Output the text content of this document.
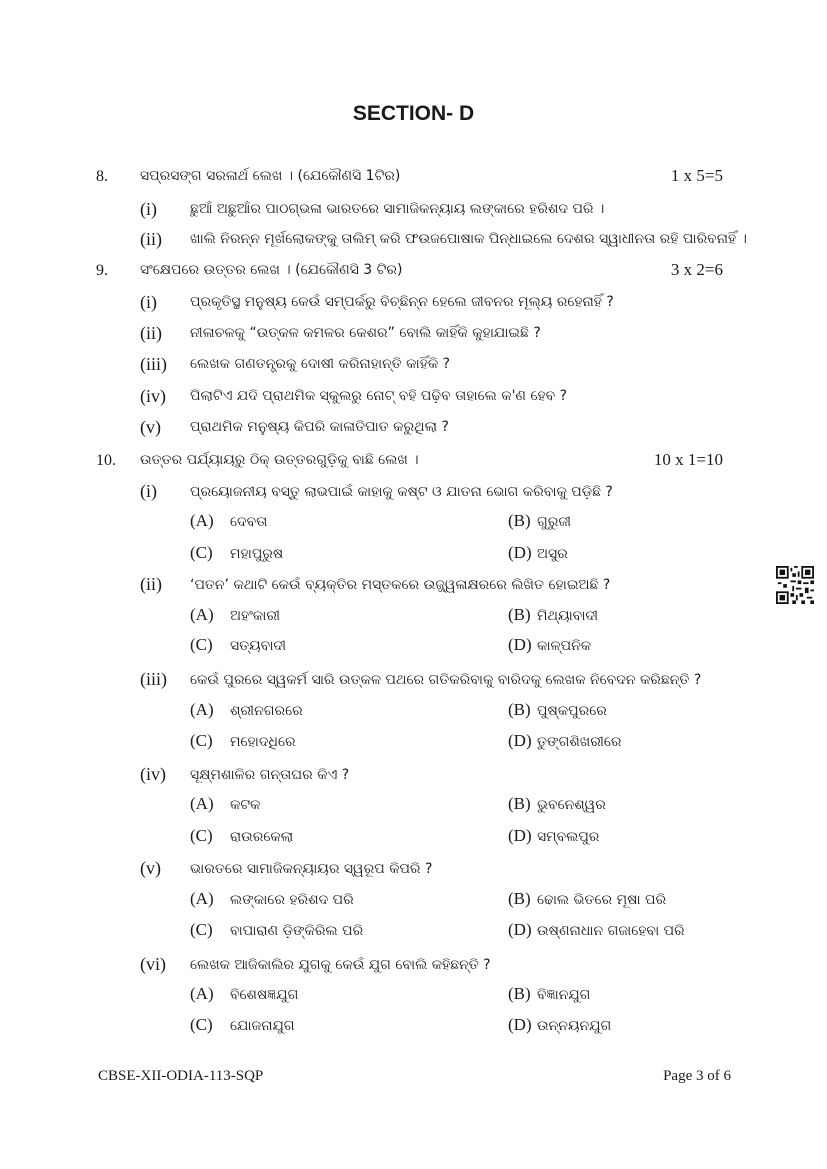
SECTION- D
8. ସପ୍ରସଙ୍ଗ ସରଳାର୍ଥ ଲେଖ । (ଯେକୌଣସି 1ଟିର)	1 x 5=5
(i) ଛୁଆଁ ଅଛୁଆଁର ପାଠଗ୍ଭଳା ଭାରତରେ ସାମାଜିକନ୍ୟାୟ ଲଙ୍କାରେ ହରିଶଦ ପରି ।
(ii) ଖାଲି ନିରନ୍ନ ମୂର୍ଖଲୋକଙ୍କୁ ତାଲିମ୍ କରି ଫଉଜପୋଷାକ ପିନ୍ଧାଇଲେ ଦେଶର ସ୍ୱାଧୀନତା ରହି ପାରିବନାହିଁ ।
9. ସଂକ୍ଷେପରେ ଉତ୍ତର ଲେଖ । (ଯେକୌଣସି 3 ଟିର)	3 x 2=6
(i) ପ୍ରକୃତିସ୍ଥ ମନୁଷ୍ୟ କେଉଁ ସମ୍ପର୍କରୁ ବିଚ୍ଛିନ୍ନ ହେଲେ ଜୀବନର ମୂଲ୍ୟ ରହେନାହିଁ ?
(ii) ନୀଳାଚଳକୁ “ଉତ୍କଳ କମଳର କେଶର” ବୋଲି କାହିଁକି କୁହାଯାଇଛି ?
(iii) ଲେଖକ ଗଣତନ୍ତ୍ରକୁ ଦୋଷୀ କରିନାହାନ୍ତି କାହିଁକି ?
(iv) ପିଲାଟିଏ ଯଦି ପ୍ରାଥମିକ ସ୍କୁଲରୁ ନୋଟ୍ ବହି ପଢ଼ିବ ତାହାଲେ କ'ଣ ହେବ ?
(v) ପ୍ରାଥମିକ ମନୁଷ୍ୟ କିପରି କାଳାତିପାତ କରୁଥିଲା ?
10. ଉତ୍ତର ପର୍ଯ୍ୟାୟରୁ ଠିକ୍ ଉତ୍ତରଗୁଡ଼ିକୁ ବାଛି ଲେଖ ।	10 x 1=10
(i) ପ୍ରୟୋଜନୀୟ ବସ୍ତୁ ଲାଭପାଇଁ କାହାକୁ କଷ୍ଟ ଓ ଯାତନା ଭୋଗ କରିବାକୁ ପଡ଼ିଛି ?
(A) ଦେବତା	(B) ଗୁରୁଜୀ
(C) ମହାପୁରୁଷ	(D) ଅସୁର
(ii) ‘ପତନ’ କଥାଟି କେଉଁ ବ୍ୟକ୍ତିର ମସ୍ତକରେ ଉଜ୍ଜ୍ୱଳାକ୍ଷରରେ ଲିଖିତ ହୋଇଅଛି ?
(A) ଅହଂକାରୀ	(B) ମିଥ୍ୟାବାଦୀ
(C) ସତ୍ୟବାଦୀ	(D) କାଳ୍ପନିକ
(iii) କେଉଁ ପୁରରେ ସ୍ୱକର୍ମ ସାରି ଉତ୍କଳ ପଥରେ ଗତିକରିବାକୁ ବାରିଦକୁ ଲେଖକ ନିବେଦନ କରିଛନ୍ତି ?
(A) ଶ୍ରୀନଗରରେ	(B) ପୁଷ୍କପୁରରେ
(C) ମହୋଦଧିରେ	(D) ତୁଙ୍ଗଶିଖରୀରେ
(iv) ସୂକ୍ଷ୍ମଶାଳିର ଗନ୍ତାଘର କିଏ ?
(A) କଟକ	(B) ଭୁବନେଶ୍ୱର
(C) ରାଉରକେଲା	(D) ସମ୍ବଲପୁର
(v) ଭାରତରେ ସାମାଜିକନ୍ୟାୟର ସ୍ୱରୂପ କିପରି ?
(A) ଲଙ୍କାରେ ହରିଶଦ ପରି	(B) ଢୋଲ ଭିତରେ ମୂଷା ପରି
(C) ବାପାରାଣ ଡ଼ିଙ୍କିରିଲ ପରି	(D) ଉଷ୍ଣନାଧାନ ଗଜାହେବା ପରି
(vi) ଲେଖକ ଆଜିକାଲିର ଯୁଗକୁ କେଉଁ ଯୁଗ ବୋଲି କହିଛନ୍ତି ?
(A) ବିଶେଷଜ୍ଞଯୁଗ	(B) ବିଜ୍ଞାନଯୁଗ
(C) ଯୋଜନାଯୁଗ	(D) ଉନ୍ନୟନଯୁଗ
CBSE-XII-ODIA-113-SQP	Page 3 of 6
